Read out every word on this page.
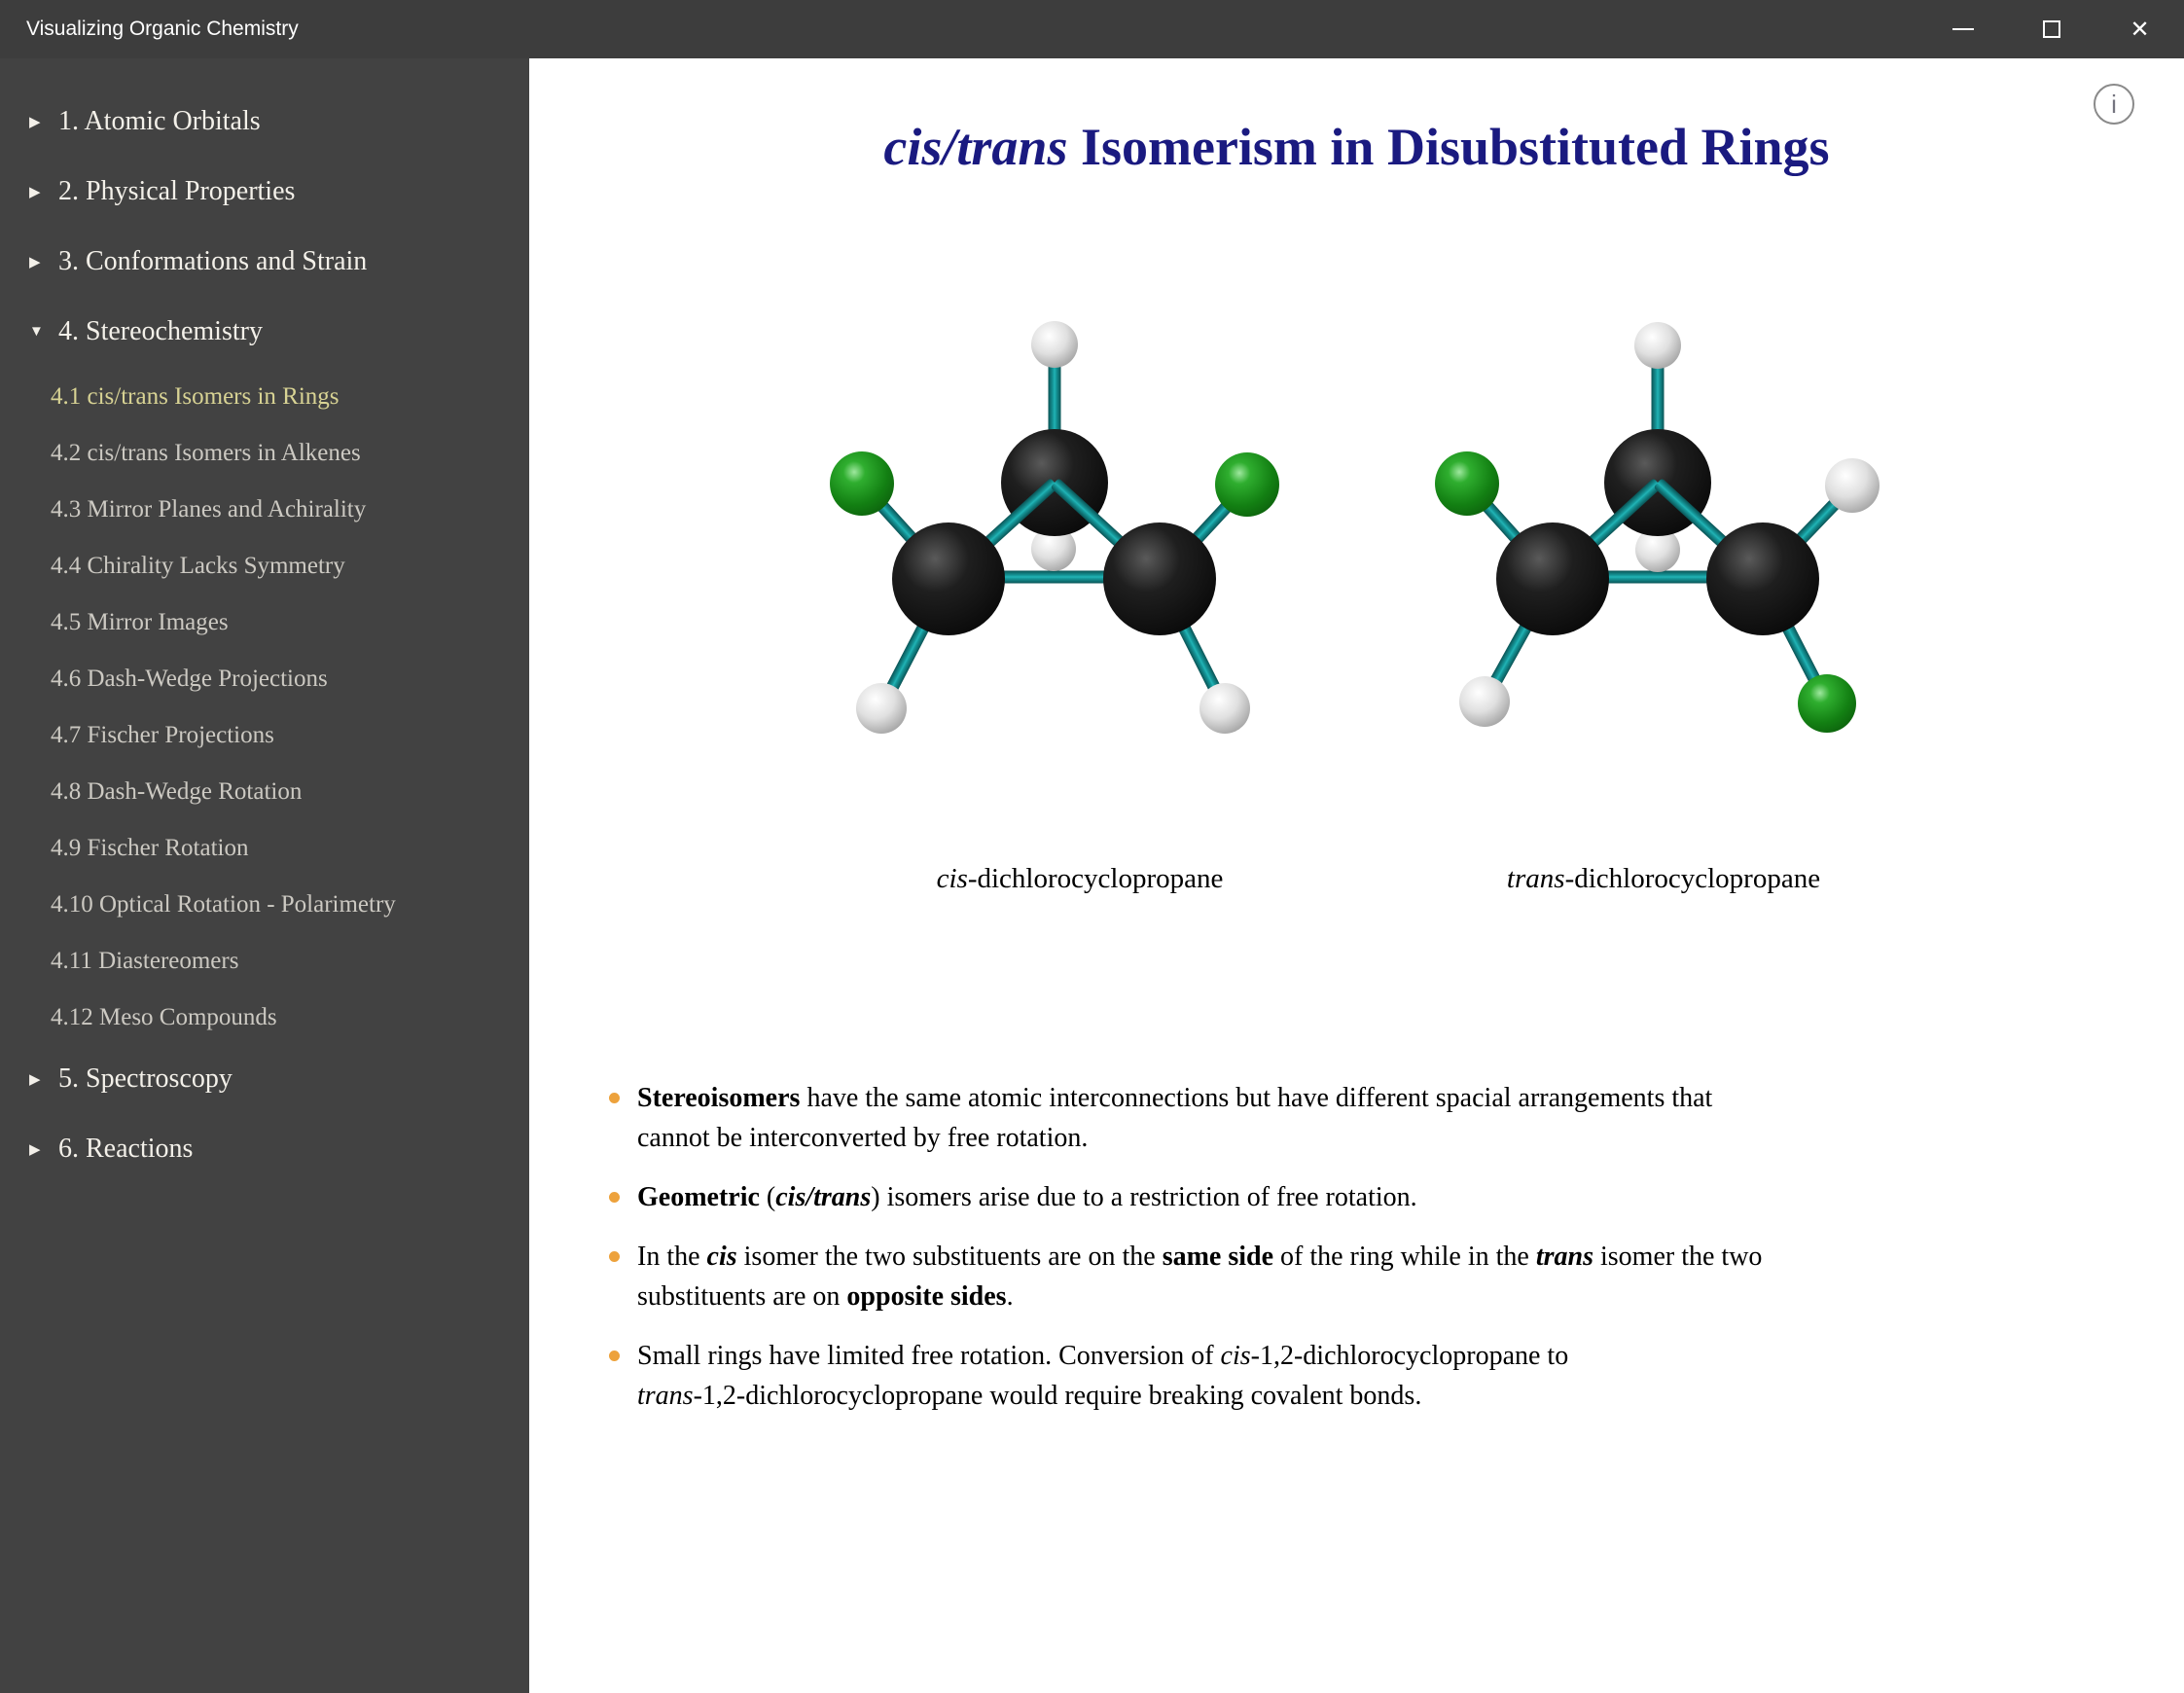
Visualizing Organic Chemistry	✕
▶ 1. Atomic Orbitals
▶ 2. Physical Properties
▶ 3. Conformations and Strain
▼ 4. Stereochemistry
4.1 cis/trans Isomers in Rings
4.2 cis/trans Isomers in Alkenes
4.3 Mirror Planes and Achirality
4.4 Chirality Lacks Symmetry
4.5 Mirror Images
4.6 Dash-Wedge Projections
4.7 Fischer Projections
4.8 Dash-Wedge Rotation
4.9 Fischer Rotation
4.10 Optical Rotation - Polarimetry
4.11 Diastereomers
4.12 Meso Compounds
▶ 5. Spectroscopy
▶ 6. Reactions
cis/trans Isomerism in Disubstituted Rings
i
cis-dichlorocyclopropane	trans-dichlorocyclopropane
Stereoisomers have the same atomic interconnections but have different spacial arrangements that
cannot be interconverted by free rotation.
Geometric (cis/trans) isomers arise due to a restriction of free rotation.
In the cis isomer the two substituents are on the same side of the ring while in the trans isomer the two
substituents are on opposite sides.
Small rings have limited free rotation. Conversion of cis-1,2-dichlorocyclopropane to
trans-1,2-dichlorocyclopropane would require breaking covalent bonds.
